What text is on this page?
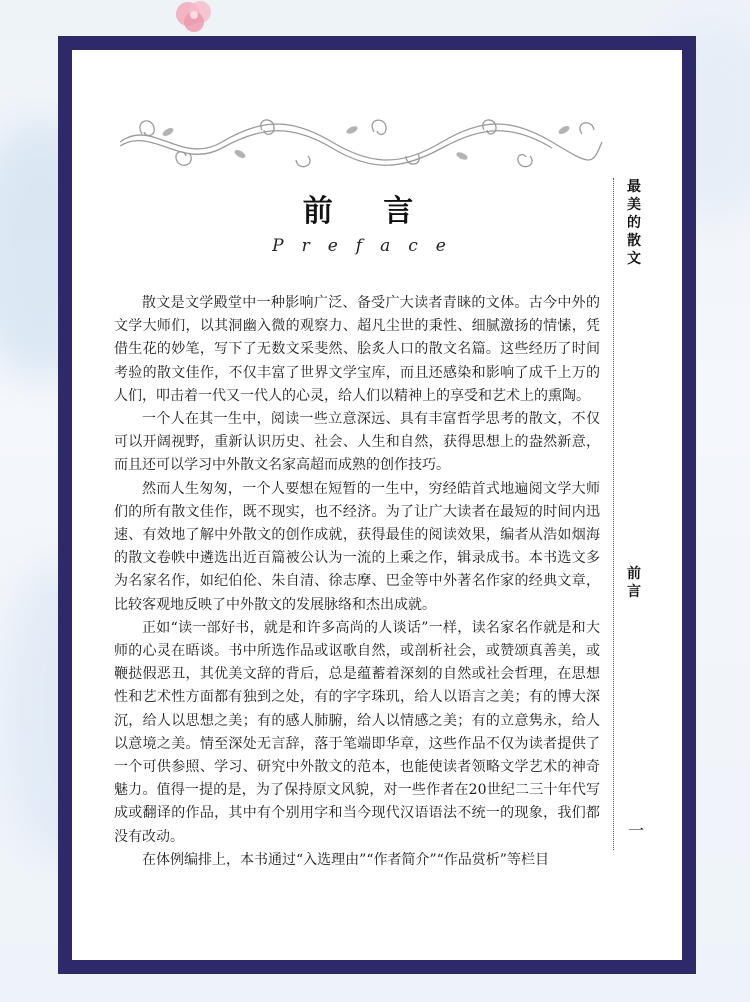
前 言
Preface

散文是文学殿堂中一种影响广泛、备受广大读者青睐的文体。古今中外的文学大师们，以其洞幽入微的观察力、超凡尘世的秉性、细腻激扬的情愫，凭借生花的妙笔，写下了无数文采斐然、脍炙人口的散文名篇。这些经历了时间考验的散文佳作，不仅丰富了世界文学宝库，而且还感染和影响了成千上万的人们，叩击着一代又一代人的心灵，给人们以精神上的享受和艺术上的熏陶。

一个人在其一生中，阅读一些立意深远、具有丰富哲学思考的散文，不仅可以开阔视野，重新认识历史、社会、人生和自然，获得思想上的盎然新意，而且还可以学习中外散文名家高超而成熟的创作技巧。

然而人生匆匆，一个人要想在短暂的一生中，穷经皓首式地遍阅文学大师们的所有散文佳作，既不现实，也不经济。为了让广大读者在最短的时间内迅速、有效地了解中外散文的创作成就，获得最佳的阅读效果，编者从浩如烟海的散文卷帙中遴选出近百篇被公认为一流的上乘之作，辑录成书。本书选文多为名家名作，如纪伯伦、朱自清、徐志摩、巴金等中外著名作家的经典文章，比较客观地反映了中外散文的发展脉络和杰出成就。

正如“读一部好书，就是和许多高尚的人谈话”一样，读名家名作就是和大师的心灵在晤谈。书中所选作品或讴歌自然，或剖析社会，或赞颂真善美，或鞭挞假恶丑，其优美文辞的背后，总是蕴蓄着深刻的自然或社会哲理，在思想性和艺术性方面都有独到之处，有的字字珠玑，给人以语言之美；有的博大深沉，给人以思想之美；有的感人肺腑，给人以情感之美；有的立意隽永，给人以意境之美。情至深处无言辞，落于笔端即华章，这些作品不仅为读者提供了一个可供参照、学习、研究中外散文的范本，也能使读者领略文学艺术的神奇魅力。值得一提的是，为了保持原文风貌，对一些作者在20世纪二三十年代写成或翻译的作品，其中有个别用字和当今现代汉语语法不统一的现象，我们都没有改动。

在体例编排上，本书通过“入选理由”“作者简介”“作品赏析”等栏目

最美的散文
前言
一
